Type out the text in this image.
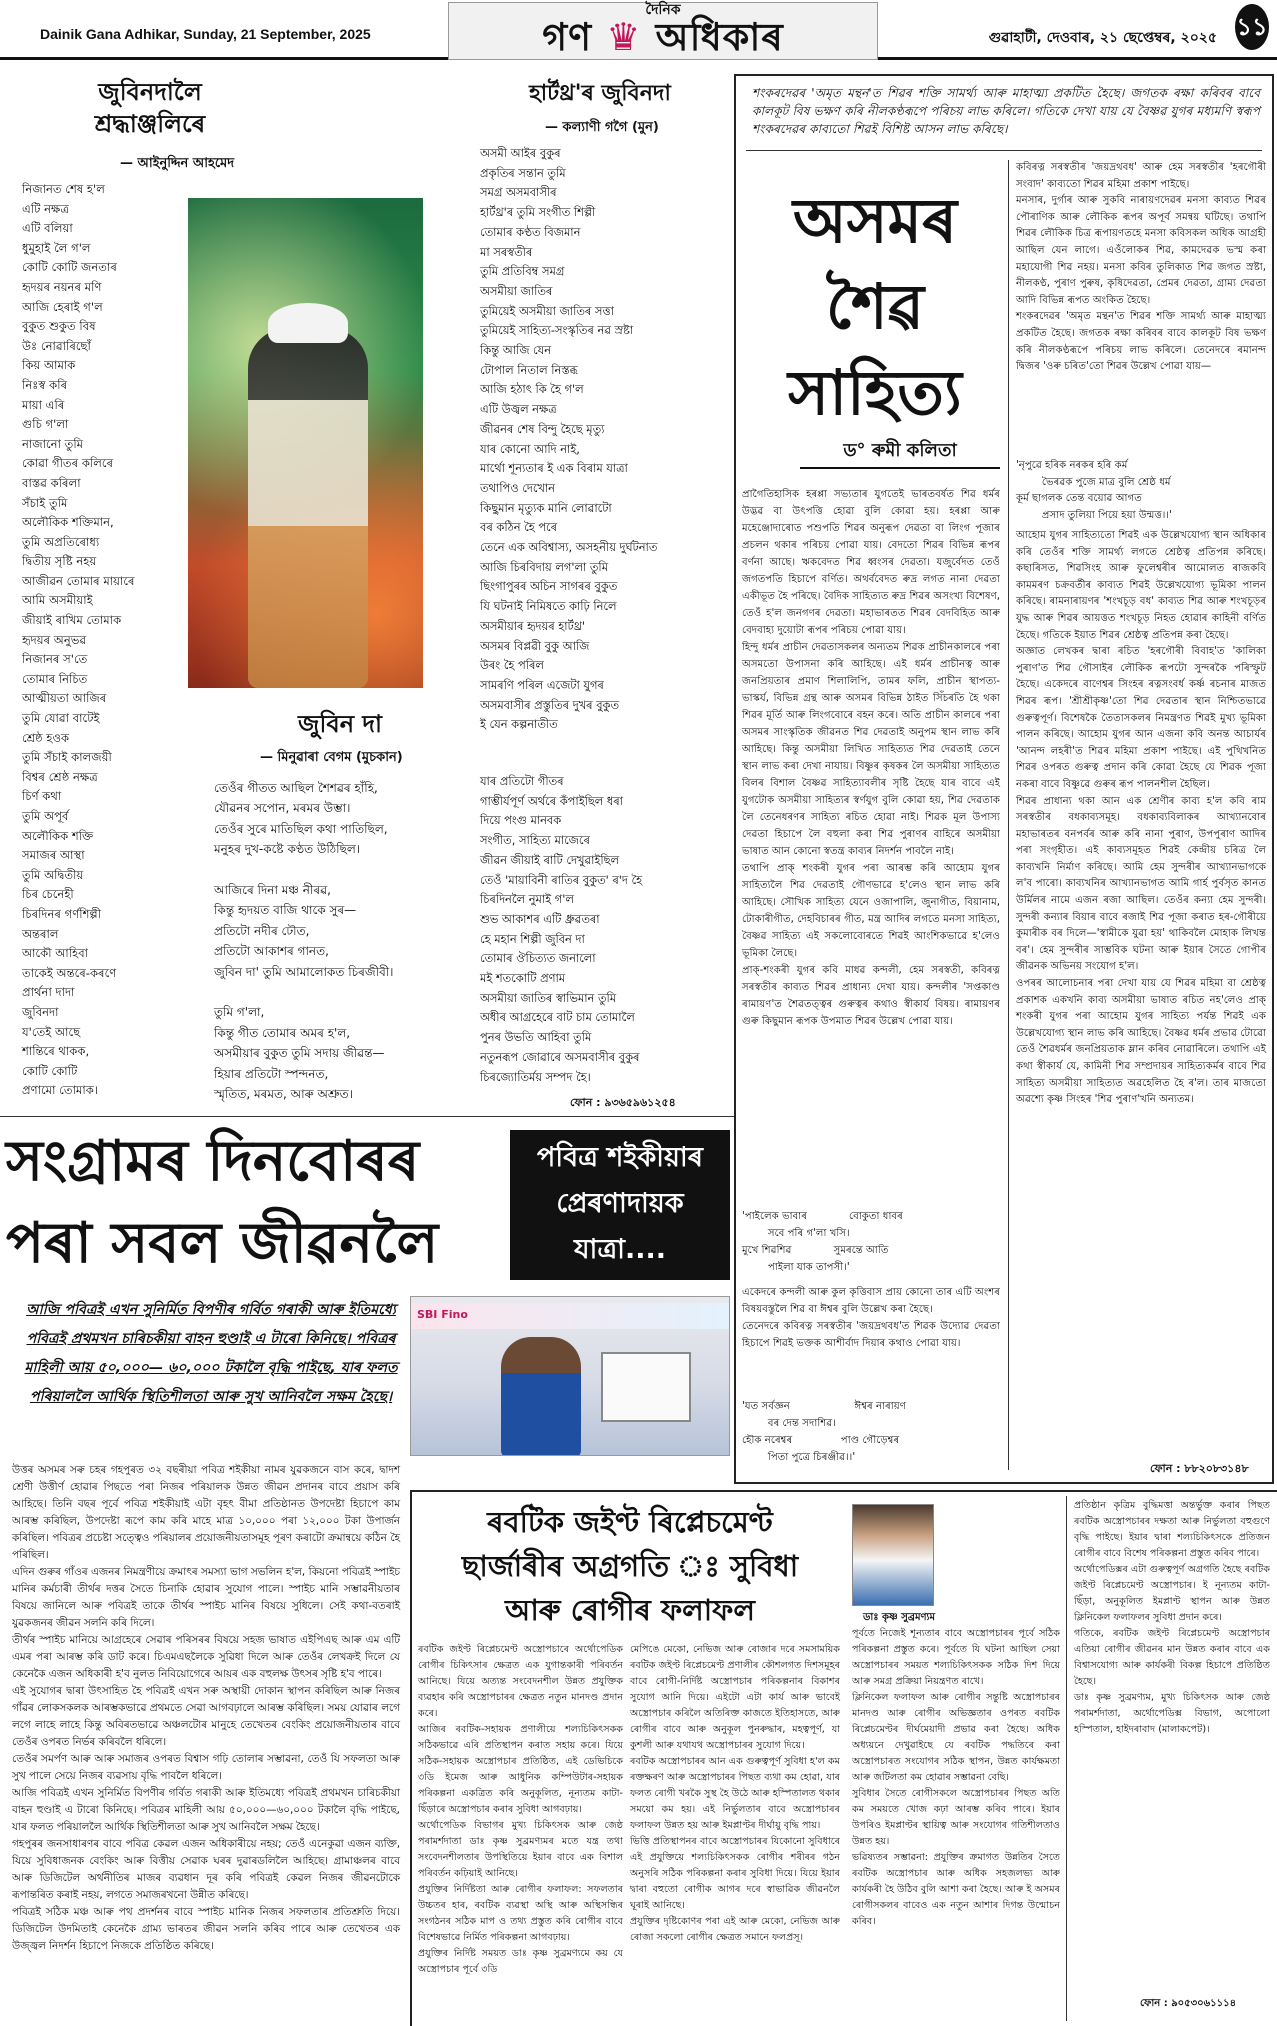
Dainik Gana Adhikar, Sunday, 21 September, 2025
দৈনিক
গণ ♛ অধিকাৰ	গুৱাহাটী, দেওবাৰ, ২১ ছেপ্তেম্বৰ, ২০২৫ ১১
জুবিনদালৈ
শ্ৰদ্ধাঞ্জলিৰে
— আইনুদ্দিন আহমেদ
নিজানত শেষ হ'ল
এটি নক্ষত্ৰ
এটি বলিয়া
ধুমুহাই লৈ গ'ল
কোটি কোটি জনতাৰ
হৃদয়ৰ নয়নৰ মণি
আজি হেৰাই গ'ল
বুকুত শুকুত বিষ
উঃ নোৱাৰিছোঁ
কিয় আমাক
নিঃস্ব কৰি
মায়া এৰি
গুচি গ'লা
নাজানো তুমি
কোৱা গীতৰ কলিৰে
বাস্তৱ কৰিলা
সঁচাই তুমি
অলৌকিক শক্তিমান,
তুমি অপ্ৰতিৰোধ্য
দ্বিতীয় সৃষ্টি নহয়
আজীৱন তোমাৰ মায়াৰে
আমি অসমীয়াই
জীয়াই ৰাখিম তোমাক
হৃদয়ৰ অনুভৱ
নিজানৰ স'তে
তোমাৰ নিচিত
আত্মীয়তা আজিৰ
তুমি যোৱা বাটেই
শ্ৰেষ্ঠ হওক
তুমি সঁচাই কালজয়ী
বিশ্বৰ শ্ৰেষ্ঠ নক্ষত্ৰ
চিৰ্ণ কথা
তুমি অপূৰ্ব
অলৌকিক শক্তি
সমাজৰ আস্থা
তুমি অদ্বিতীয়
চিৰ চেনেহী
চিৰদিনৰ গৰ্ণশিল্পী
অন্তৰাল
আকৌ আহিবা
তাকেই অন্তৰে-কৰণে
প্ৰাৰ্থনা দাদা
জুবিনদা
য'তেই আছে
শান্তিৰে থাকক,
কোটি কোটি
প্ৰণামো তোমাক।
জুবিন দা
— মিনুৱাৰা বেগম (মুচকান)
তেওঁৰ গীতত আছিল শৈশৱৰ হাঁহি,
যৌৱনৰ সপোন, মৰমৰ উম্ভা।
তেওঁৰ সুৰে মাতিছিল কথা পাতিছিল,
মনুহৰ দুখ-কষ্টে কণ্ঠত উঠিছিল।

আজিৰে দিনা মঞ্চ নীৰৱ,
কিন্তু হৃদয়ত বাজি থাকে সুৰ—
প্ৰতিটো নদীৰ ঢৌত,
প্ৰতিটো আকাশৰ গানত,
জুবিন দা' তুমি আমালোকত চিৰজীবী।

তুমি গ'লা,
কিন্তু গীত তোমাৰ অমৰ হ'ল,
অসমীয়াৰ বুকুত তুমি সদায় জীৱন্ত—
হিয়াৰ প্ৰতিটো স্পন্দনত,
স্মৃতিত, মৰমত, আৰু অশ্ৰুত।
হাৰ্টথ্ৰ'ৰ জুবিনদা
— কল্যাণী গগৈ (মুন)
অসমী আইৰ বুকুৰ
প্ৰকৃতিৰ সন্তান তুমি
সমগ্ৰ অসমবাসীৰ
হাৰ্টথ্ৰ'ৰ তুমি সংগীত শিল্পী
তোমাৰ কণ্ঠত বিজমান
মা সৰস্বতীৰ
তুমি প্ৰতিবিম্ব সমগ্ৰ
অসমীয়া জাতিৰ
তুমিয়েই অসমীয়া জাতিৰ সত্তা
তুমিয়েই সাহিত্য-সংস্কৃতিৰ নৱ স্ৰষ্টা
কিন্তু আজি যেন
টোপাল নিতাল নিস্তব্ধ
আজি হঠাৎ কি হৈ গ'ল
এটি উজ্বল নক্ষত্ৰ
জীৱনৰ শেষ বিন্দু হৈছে মৃত্যু
যাৰ কোনো আদি নাই,
মাৰ্থো শূন্যতাৰ ই এক বিৰাম যাত্ৰা
তথাপিও দেখোন
কিছুমান মৃত্যুক মানি লোৱাটো
বৰ কঠিন হৈ পৰে
তেনে এক অবিশ্বাস্য, অসহনীয় দুৰ্ঘটনাত
আজি চিৰবিদায় লগ'লা তুমি
ছিংগাপুৰৰ অচিন সাগৰৰ বুকুত
যি ঘটনাই নিমিষতে কাঢ়ি নিলে
অসমীয়াৰ হৃদয়ৰ হাৰ্টথ্ৰ'
অসমৰ বিপ্লৱী বুকু আজি
উৰং হৈ পৰিল
সামৰণি পৰিল এজেটা যুগৰ
অসমবাসীৰ প্ৰস্তুতিৰ দুখৰ বুকুত
ই যেন কল্পনাতীত
যাৰ প্ৰতিটো গীতৰ
গাম্ভীৰ্যপূৰ্ণ অৰ্থৰে কঁপাইছিল ধৰা
দিয়ে পংগু মানবক
সংগীত, সাহিত্য মাজেৰে
জীৱন জীয়াই ৰাটি দেখুৱাইছিল
তেওঁ 'মায়াবিনী ৰাতিৰ বুকুত' ৰ'দ হৈ
চিৰদিনলৈ নুমাই গ'ল
শুভ আকাশৰ এটি ধ্ৰুৱতৰা
হে মহান শিল্পী জুবিন দা
তোমাৰ ঔচিত্যত জনালো
মই শতকোটি প্ৰণাম
অসমীয়া জাতিৰ স্বাভিমান তুমি
অধীৰ আগ্ৰহেৰে বাট চাম তোমালৈ
পুনৰ উভতি আহিবা তুমি
নতুনৰূপ জোৱাৰে অসমবাসীৰ বুকুৰ
চিৰজ্যোতিৰ্ময় সম্পদ হৈ।
ফোন : ৯৩৬৫৯৬১২৫৪
সংগ্ৰামৰ দিনবোৰৰ
পৰা সবল জীৱনলৈ
পবিত্ৰ শইকীয়াৰ
প্ৰেৰণাদায়ক
যাত্ৰা....
আজি পবিত্ৰই এখন সুনিৰ্মিত বিপণীৰ গৰ্বিত গৰাকী আৰু ইতিমধ্যে পবিত্ৰই প্ৰথমখন চাৰিচকীয়া বাহন হুণ্ডাই এ টাৰো কিনিছে। পবিত্ৰৰ মাহিলী আয় ৫০,০০০— ৬০,০০০ টকালৈ বৃদ্ধি পাইছে, যাৰ ফলত পৰিয়াললৈ আৰ্থিক স্থিতিশীলতা আৰু সুখ আনিবলৈ সক্ষম হৈছে।
SBI Fino
উত্তৰ অসমৰ সৰু চহৰ গহপুৰত ৩২ বছৰীয়া পবিত্ৰ শইকীয়া নামৰ যুৱকজনে বাস কৰে, দ্বাদশ শ্ৰেণী উত্তীৰ্ণ হোৱাৰ পিছতে পৰা নিজৰ পৰিয়ালক উন্নত জীৱন প্ৰদানৰ বাবে প্ৰয়াস কৰি আহিছে। তিনি বছৰ পূৰ্বে পবিত্ৰ শইকীয়াই এটা বৃহৎ বীমা প্ৰতিষ্ঠানত উপদেষ্টা হিচাপে কাম আৰম্ভ কৰিছিল, উপদেষ্টা ৰূপে কাম কৰি মাহে মাত্ৰ ১০,০০০ পৰা ১২,০০০ টকা উপাৰ্জন কৰিছিল। পবিত্ৰৰ প্ৰচেষ্টা সত্ত্বেও পৰিয়ালৰ প্ৰয়োজনীয়তাসমূহ পূৰণ কৰাটো ক্ৰমান্বয়ে কঠিন হৈ পৰিছিল।
এদিন গুৰুৰ গাঁওৰ এজনৰ নিমন্ত্ৰণীয়ে ক্ৰমাৎৰ সমস্যা ভাগ সভলিন হ'ল, কিয়নো পবিত্ৰই স্পাইচ মানিৰ কৰ্মচাৰী তীৰ্থৰ দত্তৰ সৈতে চিনাকি হোৱাৰ সুযোগ পালে। স্পাইচ মানি সম্ভাৱনীয়তাৰ বিষয়ে জানিলে আৰু পবিত্ৰই তাকে তীৰ্থৰ স্পাইচ মানিৰ বিষয়ে সুধিলে। সেই কথা-বতৰাই যুৱকজনৰ জীৱন সলনি কৰি দিলে।
তীৰ্থৰ স্পাইচ মানিয়ে আগ্ৰহেৰে সেৱাৰ পৰিসৰৰ বিষয়ে সহজ ভাষাত এইপিএছ আৰু এম এটি এমৰ পৰা আৰম্ভ কৰি ডাট কৰে। চিএমএছলৈকে সুৱিধা দিলে আৰু তেওঁৰ লেখক্ৰই দিলে যে কেনেকৈ এজন অধিকাৰী হ'ব নুলত নিবিয়োগেৰে আয়ৰ এক বহুলক্ষ উৎসৰ সৃষ্টি হ'ব পাৰে।
এই সুযোগৰ দ্বাৰা উৎসাহিত হৈ পবিত্ৰই এখন সৰু অস্থায়ী দোকান স্থাপন কৰিছিল আৰু নিজৰ গাঁৱৰ লোকসকলক আৰম্ভকভাৱে প্ৰথমতে সেৱা আগবঢ়ালে আৰম্ভ কৰিছিল। সময় যোৱাৰ লগে লগে লাহে লাহে কিন্তু অবিৰতভাৱে অঞ্চলটোৰ মানুহে তেখেতৰ বেংকিং প্ৰয়োজনীয়তাৰ বাবে তেওঁৰ ওপৰত নিৰ্ভৰ কৰিবলৈ ধৰিলে।
তেওঁৰ সমৰ্পণ আৰু আৰু সমাজৰ ওপৰত বিশ্বাস গঢ়ি তোলাৰ সম্ভাৱনা, তেওঁ যি সফলতা আৰু সুখ পালে সেয়ে নিজৰ ব্যৱসায় বৃদ্ধি পাবলৈ ধৰিলে।
আজি পবিত্ৰই এখন সুনিৰ্মিত বিপণীৰ গৰ্বিত গৰাকী আৰু ইতিমধ্যে পবিত্ৰই প্ৰথমখন চাৰিচকীয়া বাহন হুণ্ডাই এ টাৰো কিনিছে। পবিত্ৰৰ মাহিলী আয় ৫০,০০০—৬০,০০০ টকালৈ বৃদ্ধি পাইছে, যাৰ ফলত পৰিয়াললৈ আৰ্থিক স্থিতিশীলতা আৰু সুখ আনিবলৈ সক্ষম হৈছে।
গহপুৰৰ জনসাধাৰণৰ বাবে পবিত্ৰ কেৱল এজন অধিকাৰীয়ে নহয়; তেওঁ এনেকুৱা এজন ব্যক্তি, যিয়ে সুবিধাজনক বেংকিং আৰু বিত্তীয় সেৱাক ঘৰৰ দুৱাৰডলিলৈ আহিছে। গ্ৰামাঞ্চলৰ বাবে আৰু ডিজিটেল অৰ্থনীতিৰ মাজৰ ব্যৱধান দূৰ কৰি পবিত্ৰই কেৱল নিজৰ জীৱনটোকে ৰূপান্তৰিত কৰাই নহয়, লগতে সমাজৰখনো উন্নীত কৰিছে।
পবিত্ৰই সঠিক মঞ্চ আৰু পথ প্ৰদৰ্শনৰ বাবে স্পাইচ মানিক নিজৰ সফলতাৰ প্ৰতিশ্ৰুতি দিয়ে। ডিজিটেল উদমিতাই কেনেকৈ গ্ৰাম্য ভাৰতৰ জীৱন সলনি কৰিব পাৰে আৰু তেখেতৰ এক উজ্জ্বল নিদৰ্শন হিচাপে নিজকে প্ৰতিষ্ঠিত কৰিছে।
শংকৰদেৱৰ 'অমৃত মন্থন'ত শিৱৰ শক্তি সামৰ্থ্য আৰু মাহাত্ম্য প্ৰকটিত হৈছে। জগতক ৰক্ষা কৰিবৰ বাবে কালকূট বিষ ভক্ষণ কৰি নীলকণ্ঠৰূপে পৰিচয় লাভ কৰিলে। গতিকে দেখা যায় যে বৈষ্ণৱ যুগৰ মধ্যমণি স্বৰূপ শংকৰদেৱৰ কাব্যতো শিৱই বিশিষ্ট আসন লাভ কৰিছে।
অসমৰ
শৈৱ
সাহিত্য
ড° ৰুমী কলিতা
প্ৰাগৈতিহাসিক হৰপ্পা সভ্যতাৰ যুগতেই ভাৰতবৰ্ষত শিৱ ধৰ্মৰ উদ্ভৱ বা উৎপত্তি হোৱা বুলি কোৱা হয়। হৰপ্পা আৰু মহেঞ্জোদাৰোত পশুপতি শিৱৰ অনুৰূপ দেৱতা বা লিংগ পূজাৰ প্ৰচলন থকাৰ পৰিচয় পোৱা যায়। বেদতো শিৱৰ বিভিন্ন ৰূপৰ বৰ্ণনা আছে। ঋকবেদত শিৱ ধ্বংসৰ দেৱতা। যজুৰ্বেদত তেওঁ জগতপতি হিচাপে বৰ্ণিত। অথৰ্ববেদত ৰুদ্ৰ লগত নানা দেৱতা একীভূত হৈ পৰিছে। বৈদিক সাহিত্যত ৰুদ্ৰ শিৱৰ অসংখ্য বিশেষণ, তেওঁ হ'ল জনগণৰ দেৱতা। মহাভাৰতত শিৱৰ বেদবিহিত আৰু বেদবাহ্য দুয়োটা ৰূপৰ পৰিচয় পোৱা যায়।
হিন্দু ধৰ্মৰ প্ৰাচীন দেৱতাসকলৰ অন্যতম শিৱক প্ৰাচীনকালৰে পৰা অসমতো উপাসনা কৰি আহিছে। এই ধৰ্মৰ প্ৰাচীনত্ব আৰু জনপ্ৰিয়তাৰ প্ৰমাণ শিলালিপি, তামৰ ফলি, প্ৰাচীন স্থাপত্য-ভাস্কৰ্য, বিভিন্ন গ্ৰন্থ আৰু অসমৰ বিভিন্ন ঠাইত সিঁচৰতি হৈ থকা শিৱৰ মূৰ্তি আৰু লিংগবোৰে বহন কৰে। অতি প্ৰাচীন কালৰে পৰা অসমৰ সাংস্কৃতিক জীৱনত শিৱ দেৱতাই অনুপম স্থান লাভ কৰি আহিছে। কিন্তু অসমীয়া লিখিত সাহিত্যত শিৱ দেৱতাই তেনে স্থান লাভ কৰা দেখা নাযায়। বিষ্ণুৰ কৃষকৰ লৈ অসমীয়া সাহিত্যত বিলৰ বিশাল বৈষ্ণৱ সাহিত্যাবলীৰ সৃষ্টি হৈছে যাৰ বাবে এই যুগটোক অসমীয়া সাহিত্যৰ স্বৰ্ণযুগ বুলি কোৱা হয়, শিৱ দেৱতাক লৈ তেনেধৰণৰ সাহিত্য ৰচিত হোৱা নাই। শিৱক মূল উপাস্য দেৱতা হিচাপে লৈ বহুলা কৰা শিৱ পুৰাণৰ বাহিৰে অসমীয়া ভাষাত আন কোনো স্বতন্ত্ৰ কাব্যৰ নিদৰ্শন পাবলৈ নাই।
তথাপি প্ৰাক্ শংকৰী যুগৰ পৰা আৰম্ভ কৰি আহোম যুগৰ সাহিত্যলৈ শিৱ দেৱতাই গৌণভাৱে হ'লেও স্থান লাভ কৰি আহিছে। সৌখিক সাহিত্য যেনে ওজাপালি, জুনাগীত, বিয়ানাম, টোকাৰীগীত, দেহবিচাৰৰ গীত, মন্ত্ৰ আদিৰ লগতে মনসা সাহিত্য, বৈষ্ণৱ সাহিত্য এই সকলোবোৰতে শিৱই আংশিকভাৱে হ'লেও ভূমিকা লৈছে।
প্ৰাক্‌-শংকৰী যুগৰ কবি মাধৱ কন্দলী, হেম সৰস্বতী, কবিৰত্ন সৰস্বতীৰ কাব্যত শিৱৰ প্ৰাধান্য দেখা যায়। কন্দলীৰ 'সপ্তকাণ্ড ৰামায়ণ'ত শৈৱতত্ত্বৰ গুৰুত্বৰ কথাও স্বীকাৰ্য বিষয়। ৰামায়ণৰ গুৰু কিছুমান ৰূপক উপমাত শিৱৰ উল্লেখ পোৱা যায়।
'পাইলেক ভাবাৰ             বোকুতা ধাবৰ
সবে পৰি গ'লা খসি।
মুখে শিৱশিৱ             সুমৰন্তে আতি
পাইলা যাক তাপসী।'
একেদৰে কন্দলী আৰু কুল কৃত্তিবাস প্ৰায় কোনো তাৰ এটি অংশৰ বিষয়বস্তুলৈ শিৱ বা ঈশ্বৰ বুলি উল্লেখ কৰা হৈছে।
তেনেদৰে কবিৰত্ন সৰস্বতীৰ 'জয়দ্ৰথবধ'ত শিৱক উদ্যোৱ দেৱতা হিচাপে শিৱই ভক্তক আশীৰ্বাদ দিয়াৰ কথাও পোৱা যায়।
'যত সৰ্বজ্ঞন                    ঈশ্বৰ নাৰায়ণ
বৰ দেন্ত সদাশিৱ।
হৌক নৰেশ্বৰ               পাণ্ড গৌড়েশ্বৰ
পিতা পুত্ৰে চিৰঞ্জীৱ।।'
কবিৰত্ন সৰস্বতীৰ 'জয়দ্ৰথবধ' আৰু হেম সৰস্বতীৰ 'হৰগৌৰী সংবাদ' কাব্যতো শিৱৰ মহিমা প্ৰকাশ পাইছে।
মনসাৰ, দুৰ্গাৰ আৰু সুকবি নাৰায়ণদেৱৰ মনসা কাব্যত শিৱৰ পৌৰাণিক আৰু লৌকিক ৰূপৰ অপূৰ্ব সমন্বয় ঘটিছে। তথাপি শিৱৰ লৌকিক চিত্ৰ ৰূপায়ণতহে মনসা কবিসকল অধিক আগ্ৰহী আছিল যেন লাগে। এওঁলোকৰ শিৱ, কামদেৱক ভস্ম কৰা মহাযোগী শিৱ নহয়। মনসা কবিৰ তুলিকাত শিৱ জগত স্ৰষ্টা, নীলকণ্ঠ, পুৰাণ পুৰুষ, কৃষিদেৱতা, প্ৰেমৰ দেৱতা, গ্ৰাম্য দেৱতা আদি বিভিন্ন ৰূপত অংকিত হৈছে।
শংকৰদেৱৰ 'অমৃত মন্থন'ত শিৱৰ শক্তি সামৰ্থ্য আৰু মাহাত্ম্য প্ৰকটিত হৈছে। জগতক ৰক্ষা কৰিবৰ বাবে কালকূট বিষ ভক্ষণ কৰি নীলকণ্ঠৰূপে পৰিচয় লাভ কৰিলে। তেনেদৰে ৰমানন্দ দ্বিজৰ 'ওৰু চৰিত'তো শিৱৰ উল্লেখ পোৱা যায়—
'নৃপুৱে হৰিক নৰকৰ হৰি কৰ্ম
ভৈৰৱক পুজে মাত্ৰ বুলি শ্ৰেষ্ঠ ধৰ্ম
কূৰ্ম ছাগলক তেন্ত বয়োৱ আগত
প্ৰসাদ তুলিয়া পিয়ে হয়া উন্মত্ত।।'
আহোম যুগৰ সাহিত্যতো শিৱই এক উল্লেখযোগ্য স্থান অধিকাৰ কৰি তেওঁৰ শক্তি সামৰ্থ্য লগতে শ্ৰেষ্ঠত্ব প্ৰতিপন্ন কৰিছে। কছাৰিসত, শিৱসিংহ আৰু ফুলেশ্বৰীৰ আমোলত ৰাজকবি কামমৰণ চক্ৰবৰ্তীৰ কাব্যত শিৱই উল্লেখযোগ্য ভূমিকা পালন কৰিছে। ৰামনাৰায়ণৰ 'শংখচূড় বধ' কাব্যত শিৱ আৰু শংখচূড়ৰ যুদ্ধ আৰু শিৱৰ আয়ত্তত শংখচূড় নিহত হোৱাৰ কাহিনী বৰ্ণিত হৈছে। গতিকে ইয়াত শিৱৰ শ্ৰেষ্ঠত্ব প্ৰতিপন্ন কৰা হৈছে।
অজ্ঞাত লেখকৰ দ্বাৰা ৰচিত 'হৰগৌৰী বিবাহ'ত 'কালিকা পুৰাণ'ত শিৱ গৌসাইৰ লৌকিক ৰূপটো সুন্দৰকৈ পৰিস্ফুট হৈছে। একেদৰে বাণেশ্বৰ সিংহৰ ৰত্নসংবৰ্ধ কৰ্ষ্ণ ৰচনাৰ মাজত শিৱৰ ৰূপ। 'শ্ৰীশ্ৰীকৃষ্ণ'তো শিৱ দেৱতাৰ স্থান নিশ্চিতভাৱে গুৰুত্বপূৰ্ণ। বিশেষকৈ তৈতাসকলৰ নিমন্ত্ৰণত শিৱই মুখ্য ভূমিকা পালন কৰিছে। আহোম যুগৰ আন এজনা কবি অনন্ত আচাৰ্যৰ 'আনন্দ লহৰী'ত শিৱৰ মহিমা প্ৰকাশ পাইছে। এই পুথিখনিত শিৱৰ ওপৰত গুৰুত্ব প্ৰদান কৰি কোৱা হৈছে যে শিৱক পূজা নকৰা বাবে বিষ্ণুৱে গুৰুৰ ৰূপ পালনশীল হৈছিল।
শিৱৰ প্ৰাধান্য থকা আন এক শ্ৰেণীৰ কাব্য হ'ল কবি ৰাম সৰস্বতীৰ বধকাব্যসমূহ। বধকাব্যবিলাকৰ আখ্যানবোৰ মহাভাৰতৰ বনপৰ্বৰ আৰু কৰি নানা পুৰাণ, উপপুৰাণ আদিৰ পৰা সংগৃহীত। এই কাব্যসমূহত শিৱই কেন্দ্ৰীয় চৰিত্ৰ লৈ কাব্যখনি নিৰ্মাণ কৰিছে। আমি হেম সুন্দৰীৰ আখ্যানভাগকে ল'ব পাৰো। কাব্যখনিৰ আখ্যানভাগত আমি গাৰ্হ পুৰ্বসৃত কানত উৰ্মিলৰ নামে এজন ৰজা আছিল। তেওঁৰ কন্যা হেম সুন্দৰী। সুন্দৰী কন্যাৰ বিয়াৰ বাবে ৰজাই শিৱ পূজা কৰাত হৰ-গৌৰীয়ে কুমাৰীক বৰ দিলে—'স্বামীকে যুৱা হয়' থাকিবলৈ মোহাক লিখন্ত বৰ'। হেম সুন্দৰীৰ সাম্ভবিক ঘটনা আৰু ইয়াৰ সৈতে গোপীৰ জীৱনক অভিনয় সংযোগ হ'ল।
ওপৰৰ আলোচনাৰ পৰা দেখা যায় যে শিৱৰ মহিমা বা শ্ৰেষ্ঠত্ব প্ৰকাশক একখনি কাব্য অসমীয়া ভাষাত ৰচিত নহ'লেও প্ৰাক্‌ শংকৰী যুগৰ পৰা আহোম যুগৰ সাহিত্য পৰ্যন্ত শিৱই এক উল্লেখযোগ্য স্থান লাভ কৰি আহিছে। বৈষ্ণৱ ধৰ্মৰ প্ৰভাৱ টোৱো তেওঁ শৈৱধৰ্মৰ জনপ্ৰিয়তাক ম্লান কৰিব নোৱাৰিলে। তথাপি এই কথা স্বীকাৰ্য যে, কামিনী শিৱ সম্প্ৰদায়ৰ সাহিত্যকৰ্মৰ বাবে শিৱ সাহিত্য অসমীয়া সাহিত্যত অৱহেলিত হৈ ৰ'ল। তাৰ মাজতো অৱশ্যে কৃষ্ণ সিংহৰ 'শিৱ পুৰাণ'খনি অন্যতম।
ফোন : ৮৮২০৮৩১৪৮
ৰবটিক জইণ্ট ৰিপ্লেচমেণ্ট
ছাৰ্জাৰীৰ অগ্ৰগতি ঃ সুবিধা
আৰু ৰোগীৰ ফলাফল	ডাঃ কৃষ্ণ সুব্ৰমণ্যম
ৰবটিক জইণ্ট ৰিপ্লেচমেণ্ট অস্ত্ৰোপচাৰে অৰ্থোপেডিক ৰোগীৰ চিকিৎসাৰ ক্ষেত্ৰত এক যুগান্তকাৰী পৰিবৰ্তন আনিছে। যিয়ে অত্যন্ত সংবেদনশীল উন্নত প্ৰযুক্তিক ব্যৱহাৰ কৰি অস্ত্ৰোপচাৰৰ ক্ষেত্ৰত নতুন মানদণ্ড প্ৰদান কৰে।
আজিৰ ৰবটিক-সহায়ক প্ৰণালীয়ে শল্যচিকিৎসকক সঠিকভাৱে এৰি প্ৰতিস্থাপন কৰাত সহায় কৰে। যিয়ে সঠিক-সহায়ক অস্ত্ৰোপচাৰ প্ৰতিষ্ঠিত, এই ডেভিচিকে ৩ডি ইমেজ আৰু আধুনিক কম্পিউটাৰ-সহায়ক পৰিকল্পনা একত্ৰিত কৰি অনুকূলিত, নূন্যতম কাটা-ছিঁড়াৰে অস্ত্ৰোপচাৰ কৰাৰ সুবিধা আগবঢ়ায়।
অৰ্থোপেডিক বিভাগৰ মুখ্য চিকিৎসক আৰু জেষ্ঠ পৰামৰ্শদাতা ডাঃ কৃষ্ণ সুব্ৰমণ্যমৰ মতে যন্ত্ৰ তথা সংবেদনশীলতাৰ উপস্থিতিয়ে ইয়াৰ বাবে এক বিশাল পৰিবৰ্তন কঢ়িয়াই আনিছে।
প্ৰযুক্তিৰ নিৰ্দিষ্টতা আৰু ৰোগীৰ ফলাফল: সফলতাৰ উচ্চতৰ হাৰ, ৰবটিক ব্যৱস্থা অস্থি আৰু অস্থিসন্ধিৰ সংগঠনৰ সঠিক মাপ ও তথ্য প্ৰস্তুত কৰি ৰোগীৰ বাবে বিশেষভাৱে নিৰ্মিত পৰিকল্পনা আগবঢ়ায়।
প্ৰযুক্তিৰ নিৰ্দিষ্ট সময়ত ডাঃ কৃষ্ণ সুব্ৰমণ্যমে কয় যে অস্ত্ৰোপচাৰ পূৰ্বে ৩ডি
মেপিঙে মেকো, নেভিজ আৰু ৰোজাৰ দৰে সমসাময়িক ৰবটিক জইণ্ট ৰিপ্লেচমেণ্ট প্ৰণালীৰ কৌশলগত দিশসমূহৰ বাবে ৰোগী-নিৰ্দিষ্ট অস্ত্ৰোপচাৰ পৰিকল্পনাৰ বিকাশৰ সুযোগ আনি দিয়ে। এইটো এটা কাৰ্য আৰু ভাবেই অস্ত্ৰোপচাৰ কৰিলৈ অতিৰিক্ত কাজতে ইতিহাসতে, আৰু ৰোগীৰ বাবে আৰু অনুকূল পুনৰুদ্ধাৰ, মহত্বপূৰ্ণ, যা কুশলী আৰু যথাযথ অস্ত্ৰোপচাৰৰ সুযোগ দিয়ে।
ৰবটিক অস্ত্ৰোপচাৰৰ আন এক গুৰুত্বপূৰ্ণ সুবিধা হ'ল কম ৰক্তক্ষৰণ আৰু অস্ত্ৰোপচাৰৰ পিছত ব্যথা কম হোৱা, যাৰ ফলত ৰোগী খৰকৈ সুস্থ হৈ উঠে আৰু হস্পিতালত থকাৰ সময়ো কম হয়। এই নিৰ্ভুলতাৰ বাবে অস্ত্ৰোপচাৰৰ ফলাফল উন্নত হয় আৰু ইমপ্লাণ্টৰ দীৰ্ঘায়ু বৃদ্ধি পায়।
ভিত্তি প্ৰতিস্থাপনৰ বাবে অস্ত্ৰোপচাৰৰ যিকোনো সুবিধাৰে এই প্ৰযুক্তিয়ে শল্যচিকিৎসকক ৰোগীৰ শৰীৰৰ গঠন অনুসৰি সঠিক পৰিকল্পনা কৰাৰ সুবিধা দিয়ে। যিয়ে ইয়াৰ দ্বাৰা বহুতো ৰোগীক আগৰ দৰে স্বাভাৱিক জীৱনলৈ ঘূৰাই আনিছে।
প্ৰযুক্তিৰ দৃষ্টিকোণৰ পৰা এই আৰু মেকো, নেভিজ আৰু ৰোজা সকলো ৰোগীৰ ক্ষেত্ৰত সমানে ফলপ্ৰসূ।
পূৰ্বতে নিজেই শূন্যতাৰ বাবে অস্ত্ৰোপচাৰৰ পূৰ্বে সঠিক পৰিকল্পনা প্ৰস্তুত কৰে। পূৰ্বতে যি ঘটনা আছিল সেয়া অস্ত্ৰোপচাৰৰ সময়ত শল্যচিকিৎসকক সঠিক দিশ দিয়ে আৰু সমগ্ৰ প্ৰক্ৰিয়া নিয়ন্ত্ৰণত ৰাখে।
ক্লিনিকেল ফলাফল আৰু ৰোগীৰ সন্তুষ্টি অস্ত্ৰোপচাৰৰ মানদণ্ড আৰু ৰোগীৰ অভিজ্ঞতাৰ ওপৰত ৰবটিক ৰিপ্লেচমেণ্টৰ দীৰ্ঘমেয়াদী প্ৰভাৱ কৰা হৈছে। অধিক অধ্যয়নে দেখুৱাইছে যে ৰবটিক পদ্ধতিৰে কৰা অস্ত্ৰোপচাৰত সংযোগৰ সঠিক স্থাপন, উন্নত কাৰ্যক্ষমতা আৰু জটিলতা কম হোৱাৰ সম্ভাৱনা বেছি।
সুবিধাৰ সৈতে ৰোগীসকলে অস্ত্ৰোপচাৰৰ পিছত অতি কম সময়তে খোজ কঢ়া আৰম্ভ কৰিব পাৰে। ইয়াৰ উপৰিও ইমপ্লাণ্টৰ স্থায়িত্ব আৰু সংযোগৰ গতিশীলতাও উন্নত হয়।
ভৱিষ্যতৰ সম্ভাৱনা: প্ৰযুক্তিৰ ক্ৰমাগত উন্নতিৰ সৈতে ৰবটিক অস্ত্ৰোপচাৰ আৰু অধিক সহজলভ্য আৰু কাৰ্যকৰী হৈ উঠিব বুলি আশা কৰা হৈছে। আৰু ই অসমৰ ৰোগীসকলৰ বাবেও এক নতুন আশাৰ দিগন্ত উন্মোচন কৰিব।
প্ৰতিষ্ঠান কৃত্ৰিম বুদ্ধিমত্তা অন্তৰ্ভুক্ত কৰাৰ পিছত ৰবটিক অস্ত্ৰোপচাৰৰ দক্ষতা আৰু নিৰ্ভুলতা বহুগুণে বৃদ্ধি পাইছে। ইয়াৰ দ্বাৰা শল্যচিকিৎসকে প্ৰতিজন ৰোগীৰ বাবে বিশেষ পৰিকল্পনা প্ৰস্তুত কৰিব পাৰে।
অৰ্থোপেডিক্সৰ এটা গুৰুত্বপূৰ্ণ অগ্ৰগতি হৈছে ৰবটিক জইণ্ট ৰিপ্লেচমেণ্ট অস্ত্ৰোপচাৰ। ই নূন্যতম কাটা-ছিঁড়া, অনুকূলিত ইমপ্লাণ্ট স্থাপন আৰু উন্নত ক্লিনিকেল ফলাফলৰ সুবিধা প্ৰদান কৰে।
গতিকে, ৰবটিক জইণ্ট ৰিপ্লেচমেণ্ট অস্ত্ৰোপচাৰ এতিয়া ৰোগীৰ জীৱনৰ মান উন্নত কৰাৰ বাবে এক বিশ্বাসযোগ্য আৰু কাৰ্যকৰী বিকল্প হিচাপে প্ৰতিষ্ঠিত হৈছে।
ডাঃ কৃষ্ণ সুব্ৰমণ্যম, মুখ্য চিকিৎসক আৰু জেষ্ঠ পৰামৰ্শদাতা, অৰ্থোপেডিক্স বিভাগ, অপোলো হস্পিতাল, হাইদৰাবাদ (মালাকপেট)।
ফোন : ৯০৫৩০৬১১১৪
